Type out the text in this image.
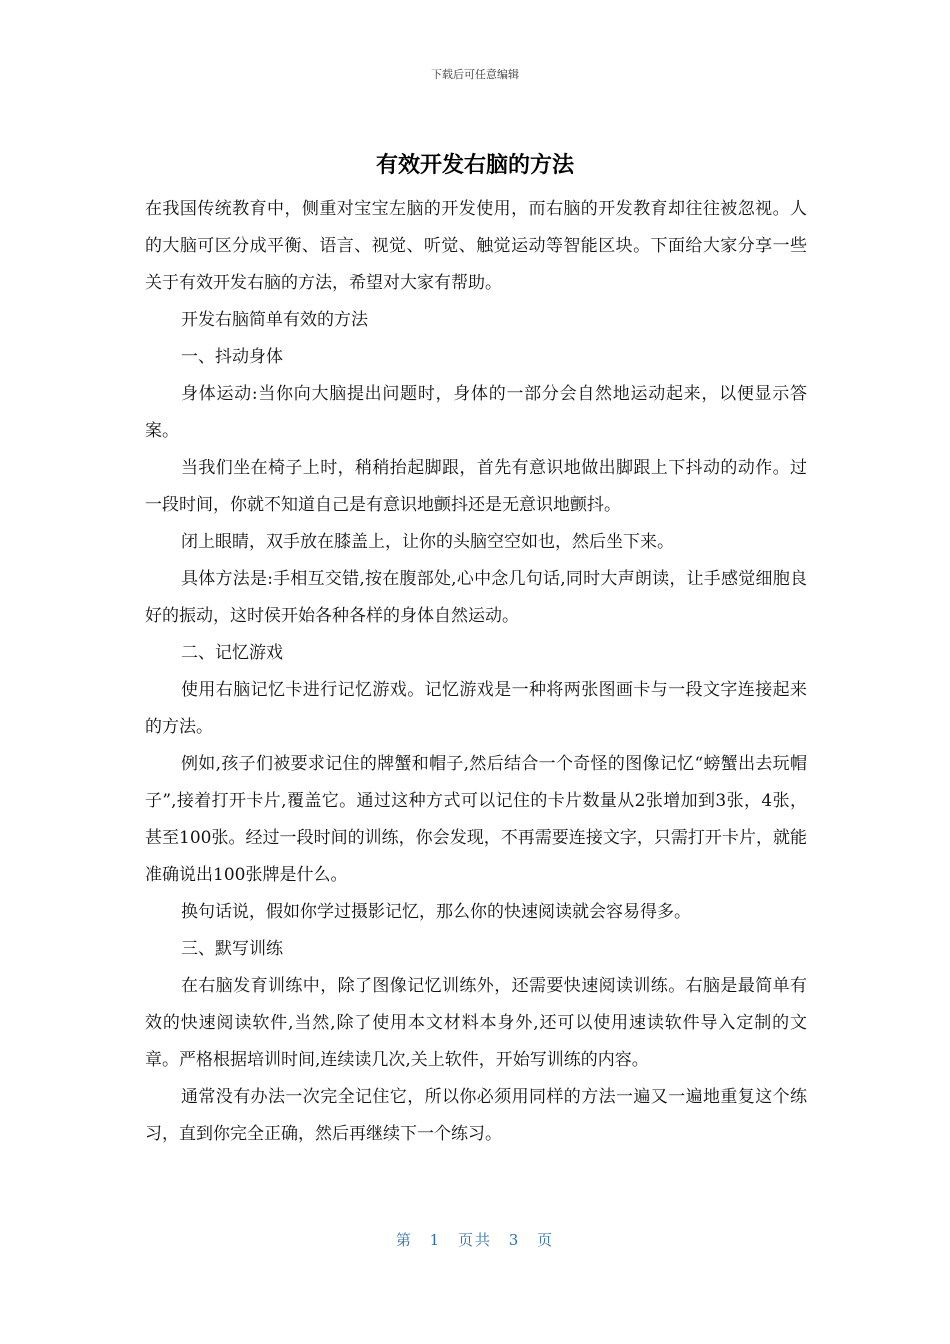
下载后可任意编辑
有效开发右脑的方法

在我国传统教育中，侧重对宝宝左脑的开发使用，而右脑的开发教育却往往被忽视。人的大脑可区分成平衡、语言、视觉、听觉、触觉运动等智能区块。下面给大家分享一些关于有效开发右脑的方法，希望对大家有帮助。

开发右脑简单有效的方法

一、抖动身体

身体运动:当你向大脑提出问题时，身体的一部分会自然地运动起来，以便显示答案。

当我们坐在椅子上时，稍稍抬起脚跟，首先有意识地做出脚跟上下抖动的动作。过一段时间，你就不知道自己是有意识地颤抖还是无意识地颤抖。

闭上眼睛，双手放在膝盖上，让你的头脑空空如也，然后坐下来。

具体方法是:手相互交错,按在腹部处,心中念几句话,同时大声朗读，让手感觉细胞良好的振动，这时侯开始各种各样的身体自然运动。

二、记忆游戏

使用右脑记忆卡进行记忆游戏。记忆游戏是一种将两张图画卡与一段文字连接起来的方法。

例如,孩子们被要求记住的牌蟹和帽子,然后结合一个奇怪的图像记忆“螃蟹出去玩帽子”,接着打开卡片,覆盖它。通过这种方式可以记住的卡片数量从2张增加到3张，4张，甚至100张。经过一段时间的训练，你会发现，不再需要连接文字，只需打开卡片，就能准确说出100张牌是什么。

换句话说，假如你学过摄影记忆，那么你的快速阅读就会容易得多。

三、默写训练

在右脑发育训练中，除了图像记忆训练外，还需要快速阅读训练。右脑是最简单有效的快速阅读软件,当然,除了使用本文材料本身外,还可以使用速读软件导入定制的文章。严格根据培训时间,连续读几次,关上软件，开始写训练的内容。

通常没有办法一次完全记住它，所以你必须用同样的方法一遍又一遍地重复这个练习，直到你完全正确，然后再继续下一个练习。

第 1 页共 3 页
